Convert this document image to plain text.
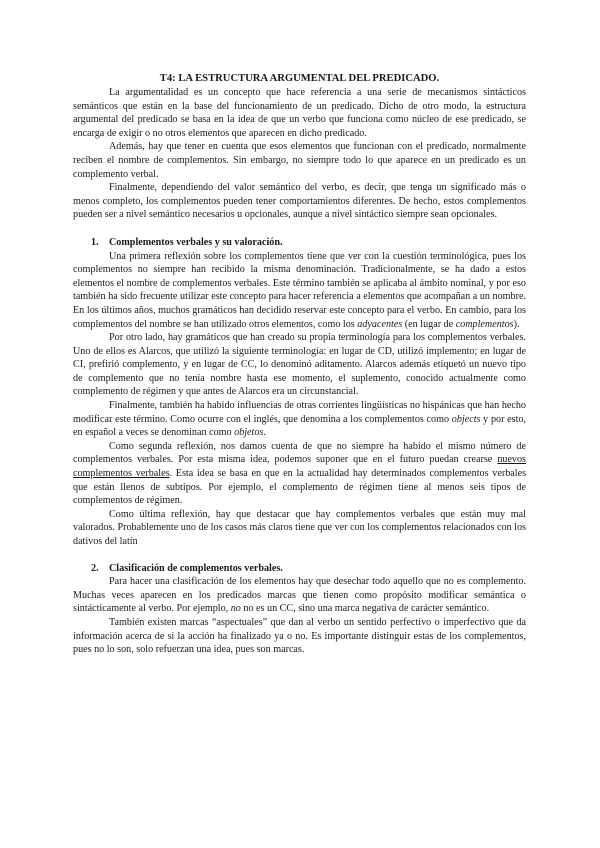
T4: LA ESTRUCTURA ARGUMENTAL DEL PREDICADO.

La argumentalidad es un concepto que hace referencia a una serie de mecanismos sintácticos semánticos que están en la base del funcionamiento de un predicado. Dicho de otro modo, la estructura argumental del predicado se basa en la idea de que un verbo que funciona como núcleo de ese predicado, se encarga de exigir o no otros elementos que aparecen en dicho predicado.

Además, hay que tener en cuenta que esos elementos que funcionan con el predicado, normalmente reciben el nombre de complementos. Sin embargo, no siempre todo lo que aparece en un predicado es un complemento verbal.

Finalmente, dependiendo del valor semántico del verbo, es decir, que tenga un significado más o menos completo, los complementos pueden tener comportamientos diferentes. De hecho, estos complementos pueden ser a nivel semántico necesarios u opcionales, aunque a nivel sintáctico siempre sean opcionales.

1.	Complementos verbales y su valoración.

Una primera reflexión sobre los complementos tiene que ver con la cuestión terminológica, pues los complementos no siempre han recibido la misma denominación. Tradicionalmente, se ha dado a estos elementos el nombre de complementos verbales. Este término también se aplicaba al ámbito nominal, y por eso también ha sido frecuente utilizar este concepto para hacer referencia a elementos que acompañan a un nombre. En los últimos años, muchos gramáticos han decidido reservar este concepto para el verbo. En cambio, para los complementos del nombre se han utilizado otros elementos, como los adyacentes (en lugar de complementos).

Por otro lado, hay gramáticos que han creado su propia terminología para los complementos verbales. Uno de ellos es Alarcos, que utilizó la siguiente terminología: en lugar de CD, utilizó implemento; en lugar de CI, prefirió complemento, y en lugar de CC, lo denominó aditamento. Alarcos además etiquetó un nuevo tipo de complemento que no tenía nombre hasta ese momento, el suplemento, conocido actualmente como complemento de régimen y que antes de Alarcos era un circunstancial.

Finalmente, también ha habido influencias de otras corrientes lingüísticas no hispánicas que han hecho modificar este término. Como ocurre con el inglés, que denomina a los complementos como objects y por esto, en español a veces se denominan como objetos.

Como segunda reflexión, nos damos cuenta de que no siempre ha habido el mismo número de complementos verbales. Por esta misma idea, podemos suponer que en el futuro puedan crearse nuevos complementos verbales. Esta idea se basa en que en la actualidad hay determinados complementos verbales que están llenos de subtipos. Por ejemplo, el complemento de régimen tiene al menos seis tipos de complementos de régimen.

Como última reflexión, hay que destacar que hay complementos verbales que están muy mal valorados. Probablemente uno de los casos más claros tiene que ver con los complementos relacionados con los dativos del latín

2.	Clasificación de complementos verbales.

Para hacer una clasificación de los elementos hay que desechar todo aquello que no es complemento. Muchas veces aparecen en los predicados marcas que tienen como propósito modificar semántica o sintácticamente al verbo. Por ejemplo, no no es un CC, sino una marca negativa de carácter semántico.

También existen marcas “aspectuales” que dan al verbo un sentido perfectivo o imperfectivo que da información acerca de si la acción ha finalizado ya o no. Es importante distinguir estas de los complementos, pues no lo son, solo refuerzan una idea, pues son marcas.
